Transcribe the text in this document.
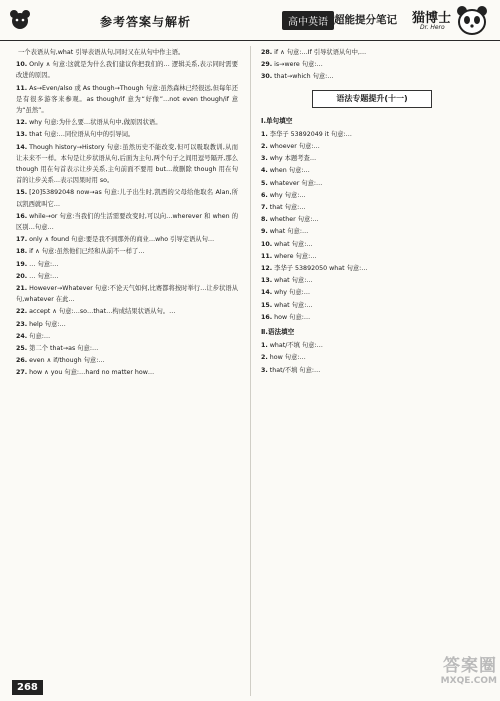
参考答案与解析	高中英语 超能提分笔记 猫博士
Dr. Hero

一个表语从句,what 引导表语从句,同时又在从句中作主语。

10. Only ∧ 句意:这就是为什么我们建议你把我们的… 逻辑关系,表示同时需要改进的原因。

11. As→Even/also 或 As though→Though 句意:虽然森林已经很远,但每年还是有很多游客来参观。as though/if 意为“好像”…not even though/if 意为“虽然”。

12. why 句意:为什么要…状语从句中,做原因状语。

13. that 句意:…同位语从句中的引导词。

14. Though history→History 句意:虽然历史不能改变,但可以吸取教训,从而让未来不一样。本句是让步状语从句,后面为主句,两个句子之间用逗号隔开,那么 though 用在句首表示让步关系,主句前面不要用 but…故删除 though 用在句首的让步关系…表示因果时用 so。

15. [20]53892048 now→as 句意:儿子出生时,凯西的父母给他取名 Alan,所以凯西就叫它…

16. while→or 句意:当我们的生活需要改变时,可以向…wherever 和 when 的区别…句意…

17. only ∧ found 句意:要是我不到那外的商业…who 引导定语从句…

18. if ∧ 句意:虽然他们已经和从前不一样了…

19. … 句意:…

20. … 句意:…

21. However→Whatever 句意:不论天气如何,比赛都将按时举行…让步状语从句,whatever 在此…

22. accept ∧ 句意:…so…that…构成结果状语从句。…

23. help 句意:…

24. 句意:…

25. 第二个 that→as 句意:…

26. even ∧ if/though 句意:…

27. how ∧ you 句意:…hard no matter how…

28. if ∧ 句意:…If 引导状语从句中,…

29. is→were 句意:…

30. that→which 句意:…

语法专题提升(十一)
Ⅰ.单句填空

1. 李华子 53892049 it 句意:…

2. whoever 句意:…

3. why 本题考查…

4. when 句意:…

5. whatever 句意:…

6. why 句意:…

7. that 句意:…

8. whether 句意:…

9. what 句意:…

10. what 句意:…

11. where 句意:…

12. 李华子 53892050 what 句意:…

13. what 句意:…

14. why 句意:…

15. what 句意:…

16. how 句意:…

Ⅱ.语法填空

1. what/不填 句意:…

2. how 句意:…

3. that/不填 句意:…

268
答案圈
MXQE.COM
